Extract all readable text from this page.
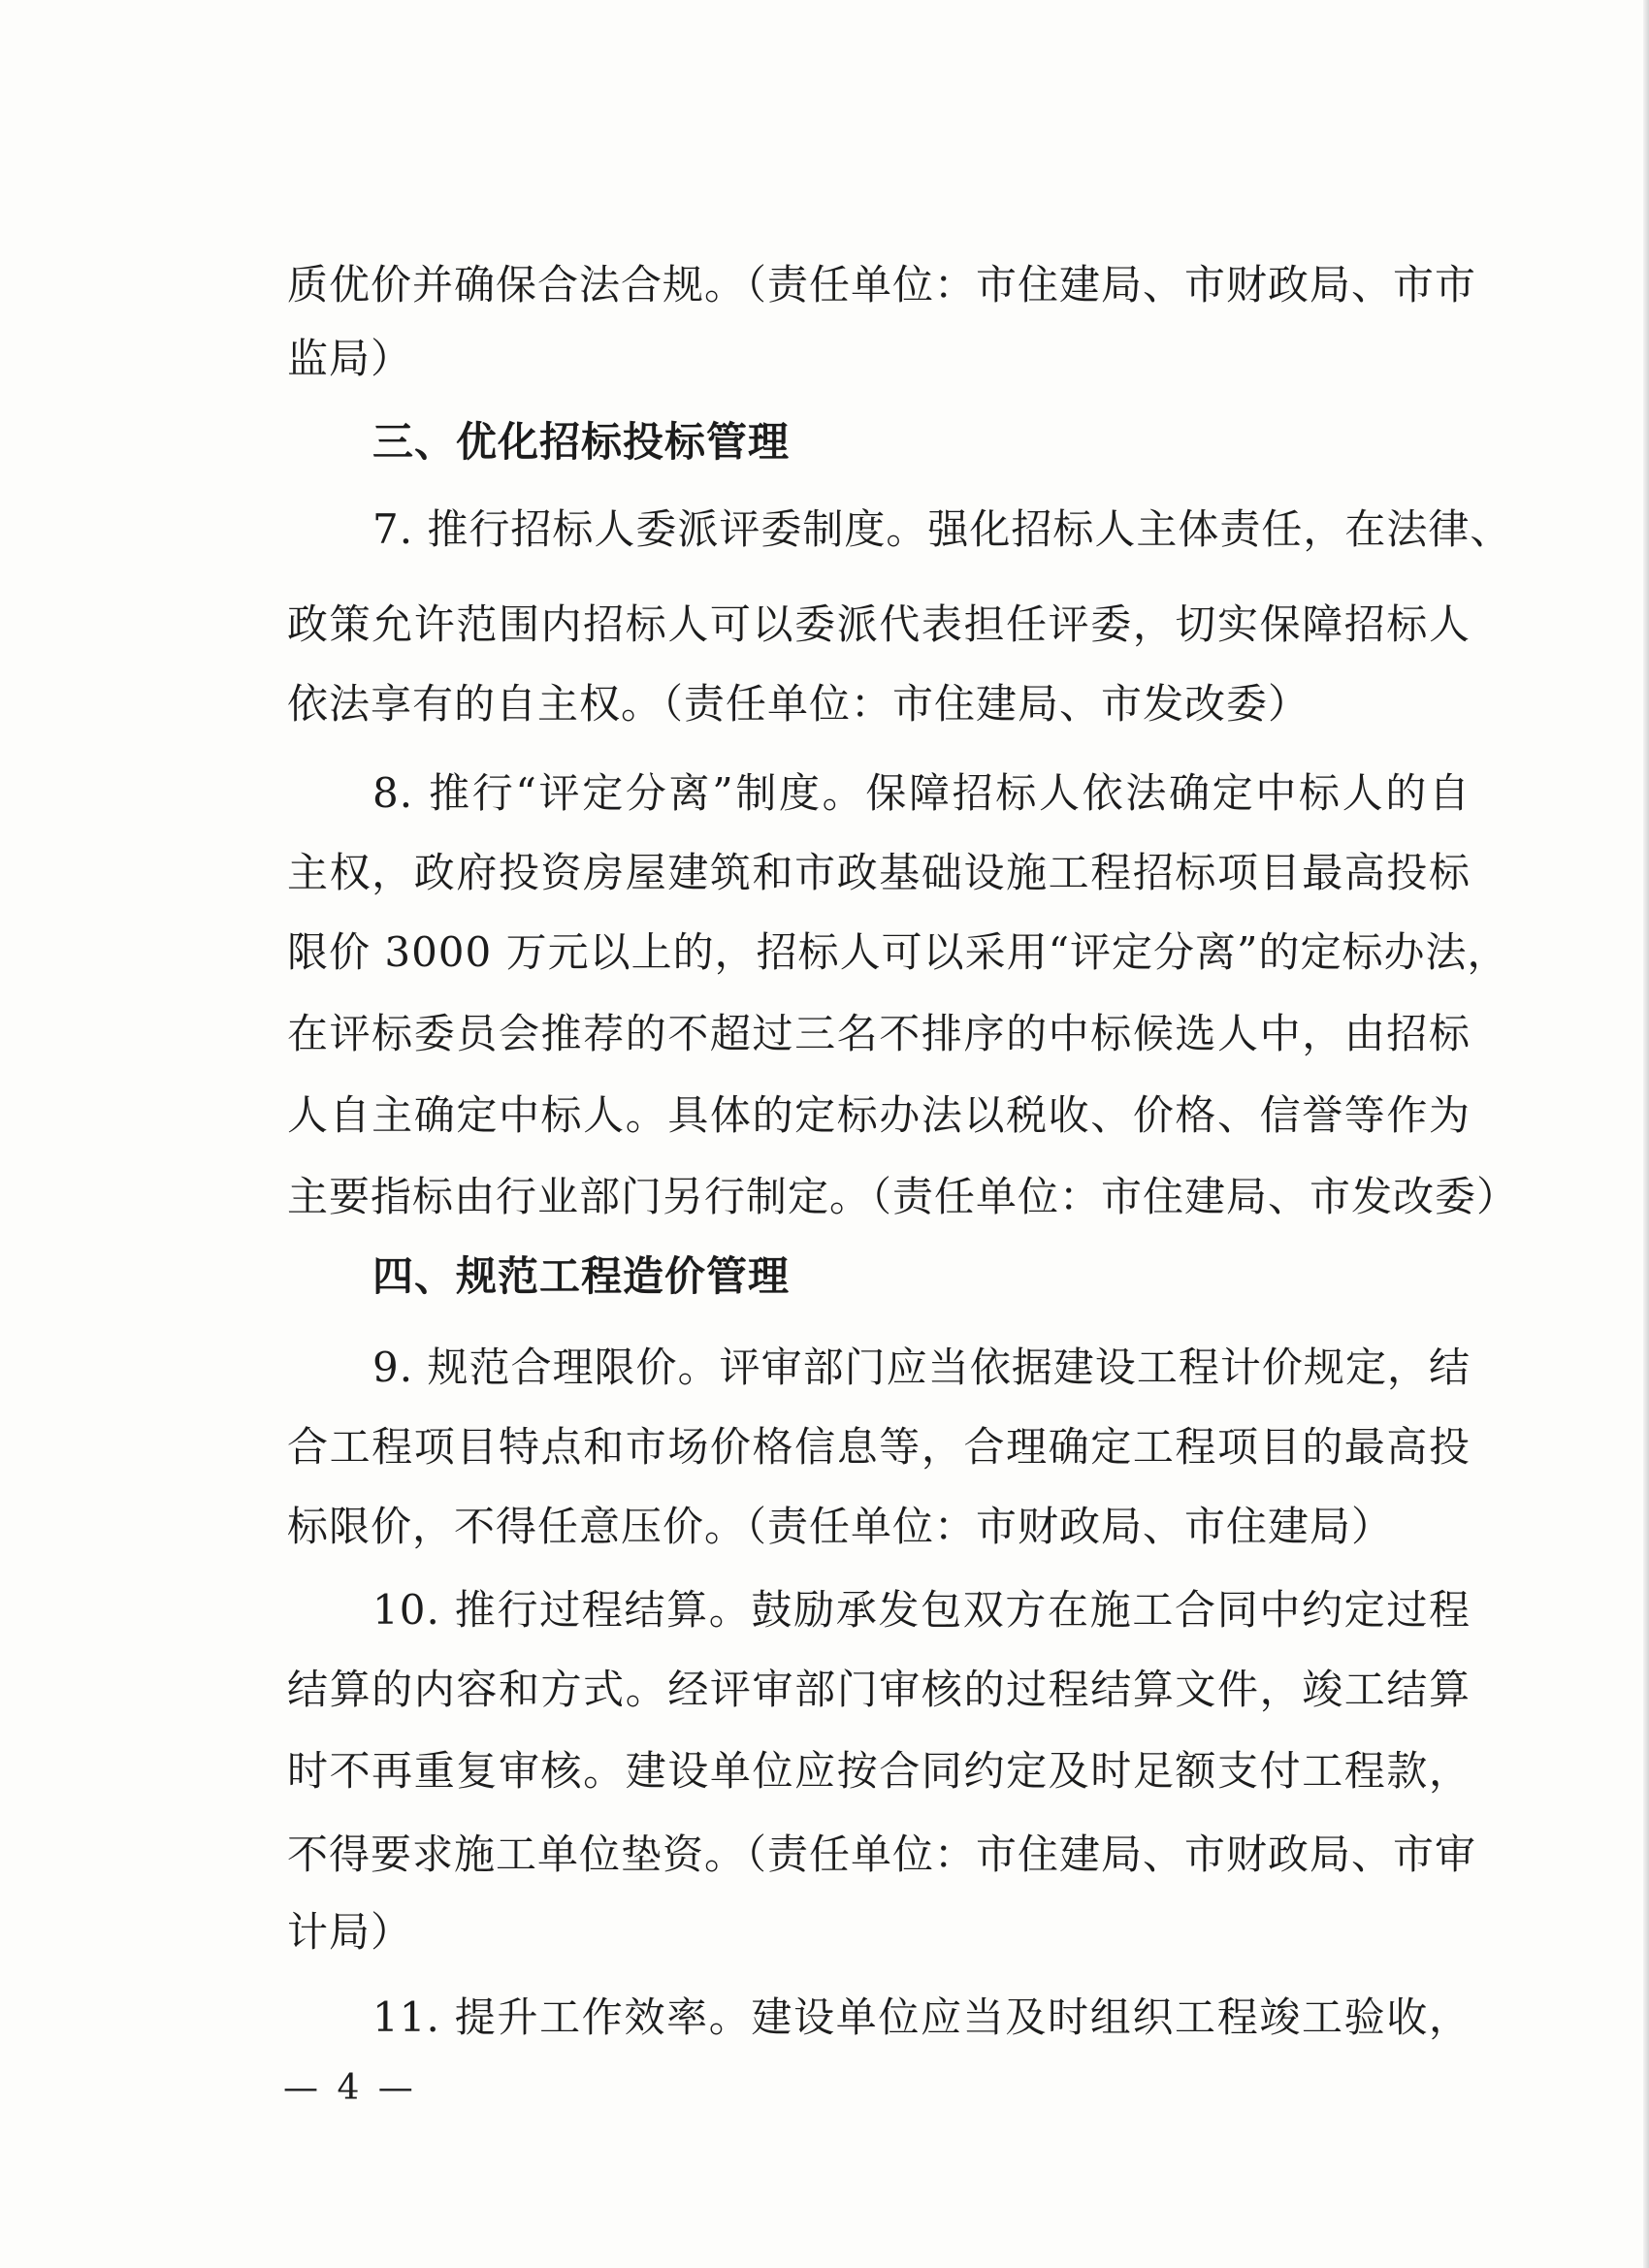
质优价并确保合法合规。（责任单位：市住建局、市财政局、市市
监局）
三、优化招标投标管理
7. 推行招标人委派评委制度。强化招标人主体责任，在法律、
政策允许范围内招标人可以委派代表担任评委，切实保障招标人
依法享有的自主权。（责任单位：市住建局、市发改委）
8. 推行“评定分离”制度。保障招标人依法确定中标人的自
主权，政府投资房屋建筑和市政基础设施工程招标项目最高投标
限价 3000 万元以上的，招标人可以采用“评定分离”的定标办法，
在评标委员会推荐的不超过三名不排序的中标候选人中，由招标
人自主确定中标人。具体的定标办法以税收、价格、信誉等作为
主要指标由行业部门另行制定。（责任单位：市住建局、市发改委）
四、规范工程造价管理
9. 规范合理限价。评审部门应当依据建设工程计价规定，结
合工程项目特点和市场价格信息等，合理确定工程项目的最高投
标限价，不得任意压价。（责任单位：市财政局、市住建局）
10. 推行过程结算。鼓励承发包双方在施工合同中约定过程
结算的内容和方式。经评审部门审核的过程结算文件，竣工结算
时不再重复审核。建设单位应按合同约定及时足额支付工程款，
不得要求施工单位垫资。（责任单位：市住建局、市财政局、市审
计局）
11. 提升工作效率。建设单位应当及时组织工程竣工验收，
— 4 —
